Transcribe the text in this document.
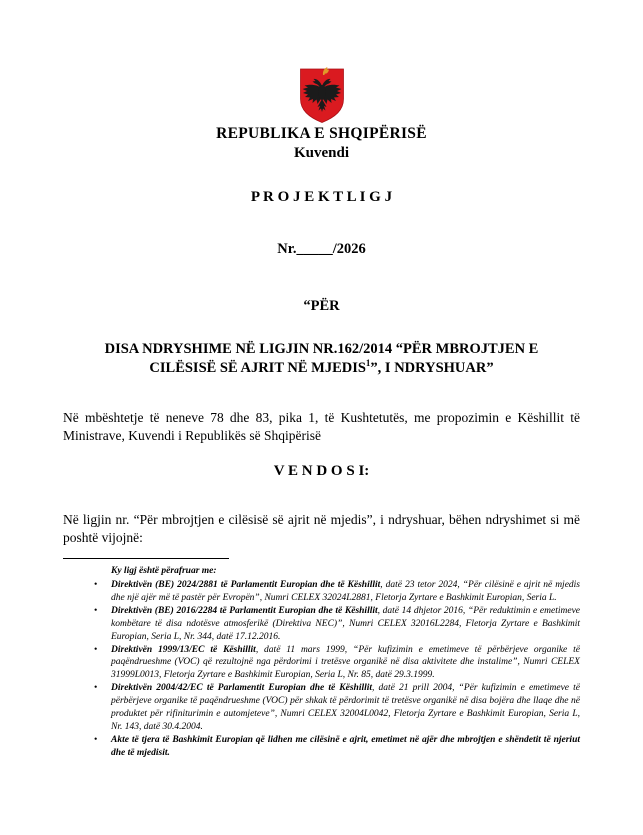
REPUBLIKA E SHQIPËRISË
Kuvendi
P R O J E K T L I G J
Nr._____/2026
“PËR
DISA NDRYSHIME NË LIGJIN NR.162/2014 “PËR MBROJTJEN E CILËSISË SË AJRIT NË MJEDIS$^1$”, I NDRYSHUAR”

Në mbështetje të neneve 78 dhe 83, pika 1, të Kushtetutës, me propozimin e Këshillit të Ministrave, Kuvendi i Republikës së Shqipërisë

V E N D O S I:

Në ligjin nr. “Për mbrojtjen e cilësisë së ajrit në mjedis”, i ndryshuar, bëhen ndryshimet si më poshtë vijojnë:

Ky ligj është përafruar me:
• Direktivën (BE) 2024/2881 të Parlamentit Europian dhe të Këshillit, datë 23 tetor 2024, “Për cilësinë e ajrit në mjedis dhe një ajër më të pastër për Evropën”, Numri CELEX 32024L2881, Fletorja Zyrtare e Bashkimit Europian, Seria L.
• Direktivën (BE) 2016/2284 të Parlamentit Europian dhe të Këshillit, datë 14 dhjetor 2016, “Për reduktimin e emetimeve kombëtare të disa ndotësve atmosferikë (Direktiva NEC)”, Numri CELEX 32016L2284, Fletorja Zyrtare e Bashkimit Europian, Seria L, Nr. 344, datë 17.12.2016.
• Direktivën 1999/13/EC të Këshillit, datë 11 mars 1999, “Për kufizimin e emetimeve të përbërjeve organike të paqëndrueshme (VOC) që rezultojnë nga përdorimi i tretësve organikë në disa aktivitete dhe instalime”, Numri CELEX 31999L0013, Fletorja Zyrtare e Bashkimit Europian, Seria L, Nr. 85, datë 29.3.1999.
• Direktivën 2004/42/EC të Parlamentit Europian dhe të Këshillit, datë 21 prill 2004, “Për kufizimin e emetimeve të përbërjeve organike të paqëndrueshme (VOC) për shkak të përdorimit të tretësve organikë në disa bojëra dhe llaqe dhe në produktet për rifiniturimin e automjeteve”, Numri CELEX 32004L0042, Fletorja Zyrtare e Bashkimit Europian, Seria L, Nr. 143, datë 30.4.2004.
• Akte të tjera të Bashkimit Europian që lidhen me cilësinë e ajrit, emetimet në ajër dhe mbrojtjen e shëndetit të njeriut dhe të mjedisit.
